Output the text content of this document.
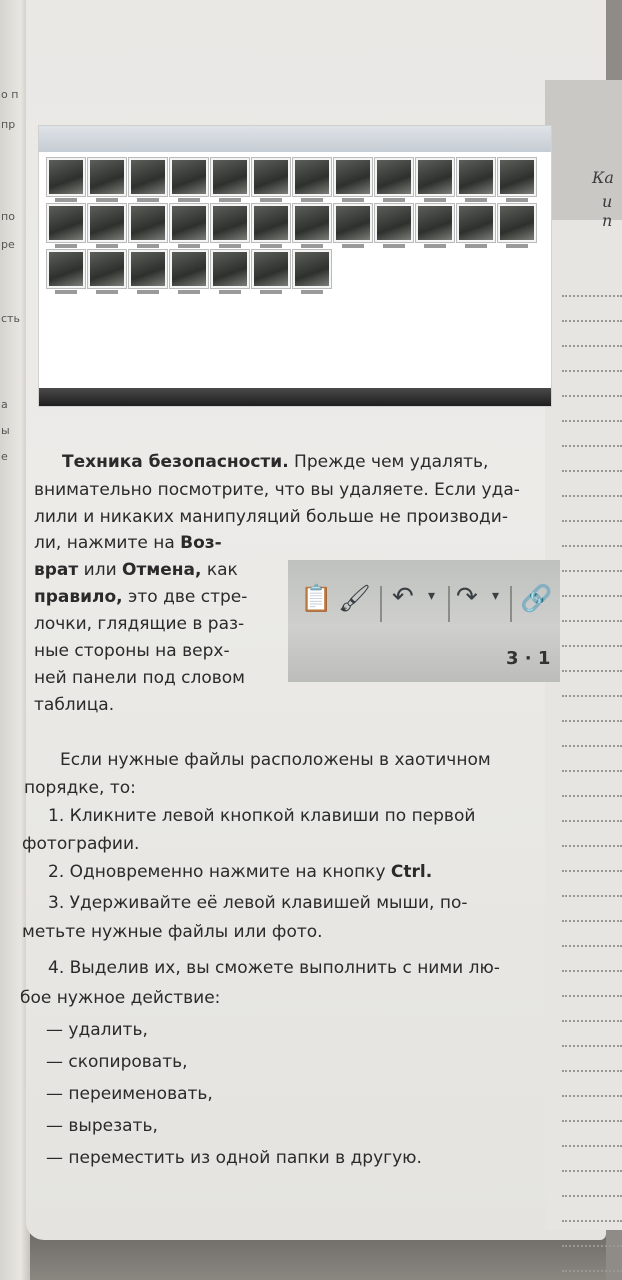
о п
пр
по
ре
сть
а
ы
е
Ка
и п
Техника безопасности. Прежде чем удалять,
внимательно посмотрите, что вы удаляете. Если уда-
лили и никаких манипуляций больше не производи-
ли, нажмите на Воз-
врат или Отмена, как
правило, это две стре-
лочки, глядящие в раз-
ные стороны на верх-
ней панели под словом
таблица.
📋 🖌 ↶ ▾ ↷ ▾ 🔗
3 · 1
Если нужные файлы расположены в хаотичном
порядке, то:
1. Кликните левой кнопкой клавиши по первой
фотографии.
2. Одновременно нажмите на кнопку Ctrl.
3. Удерживайте её левой клавишей мыши, по-
метьте нужные файлы или фото.
4. Выделив их, вы сможете выполнить с ними лю-
бое нужное действие:
— удалить,
— скопировать,
— переименовать,
— вырезать,
— переместить из одной папки в другую.
